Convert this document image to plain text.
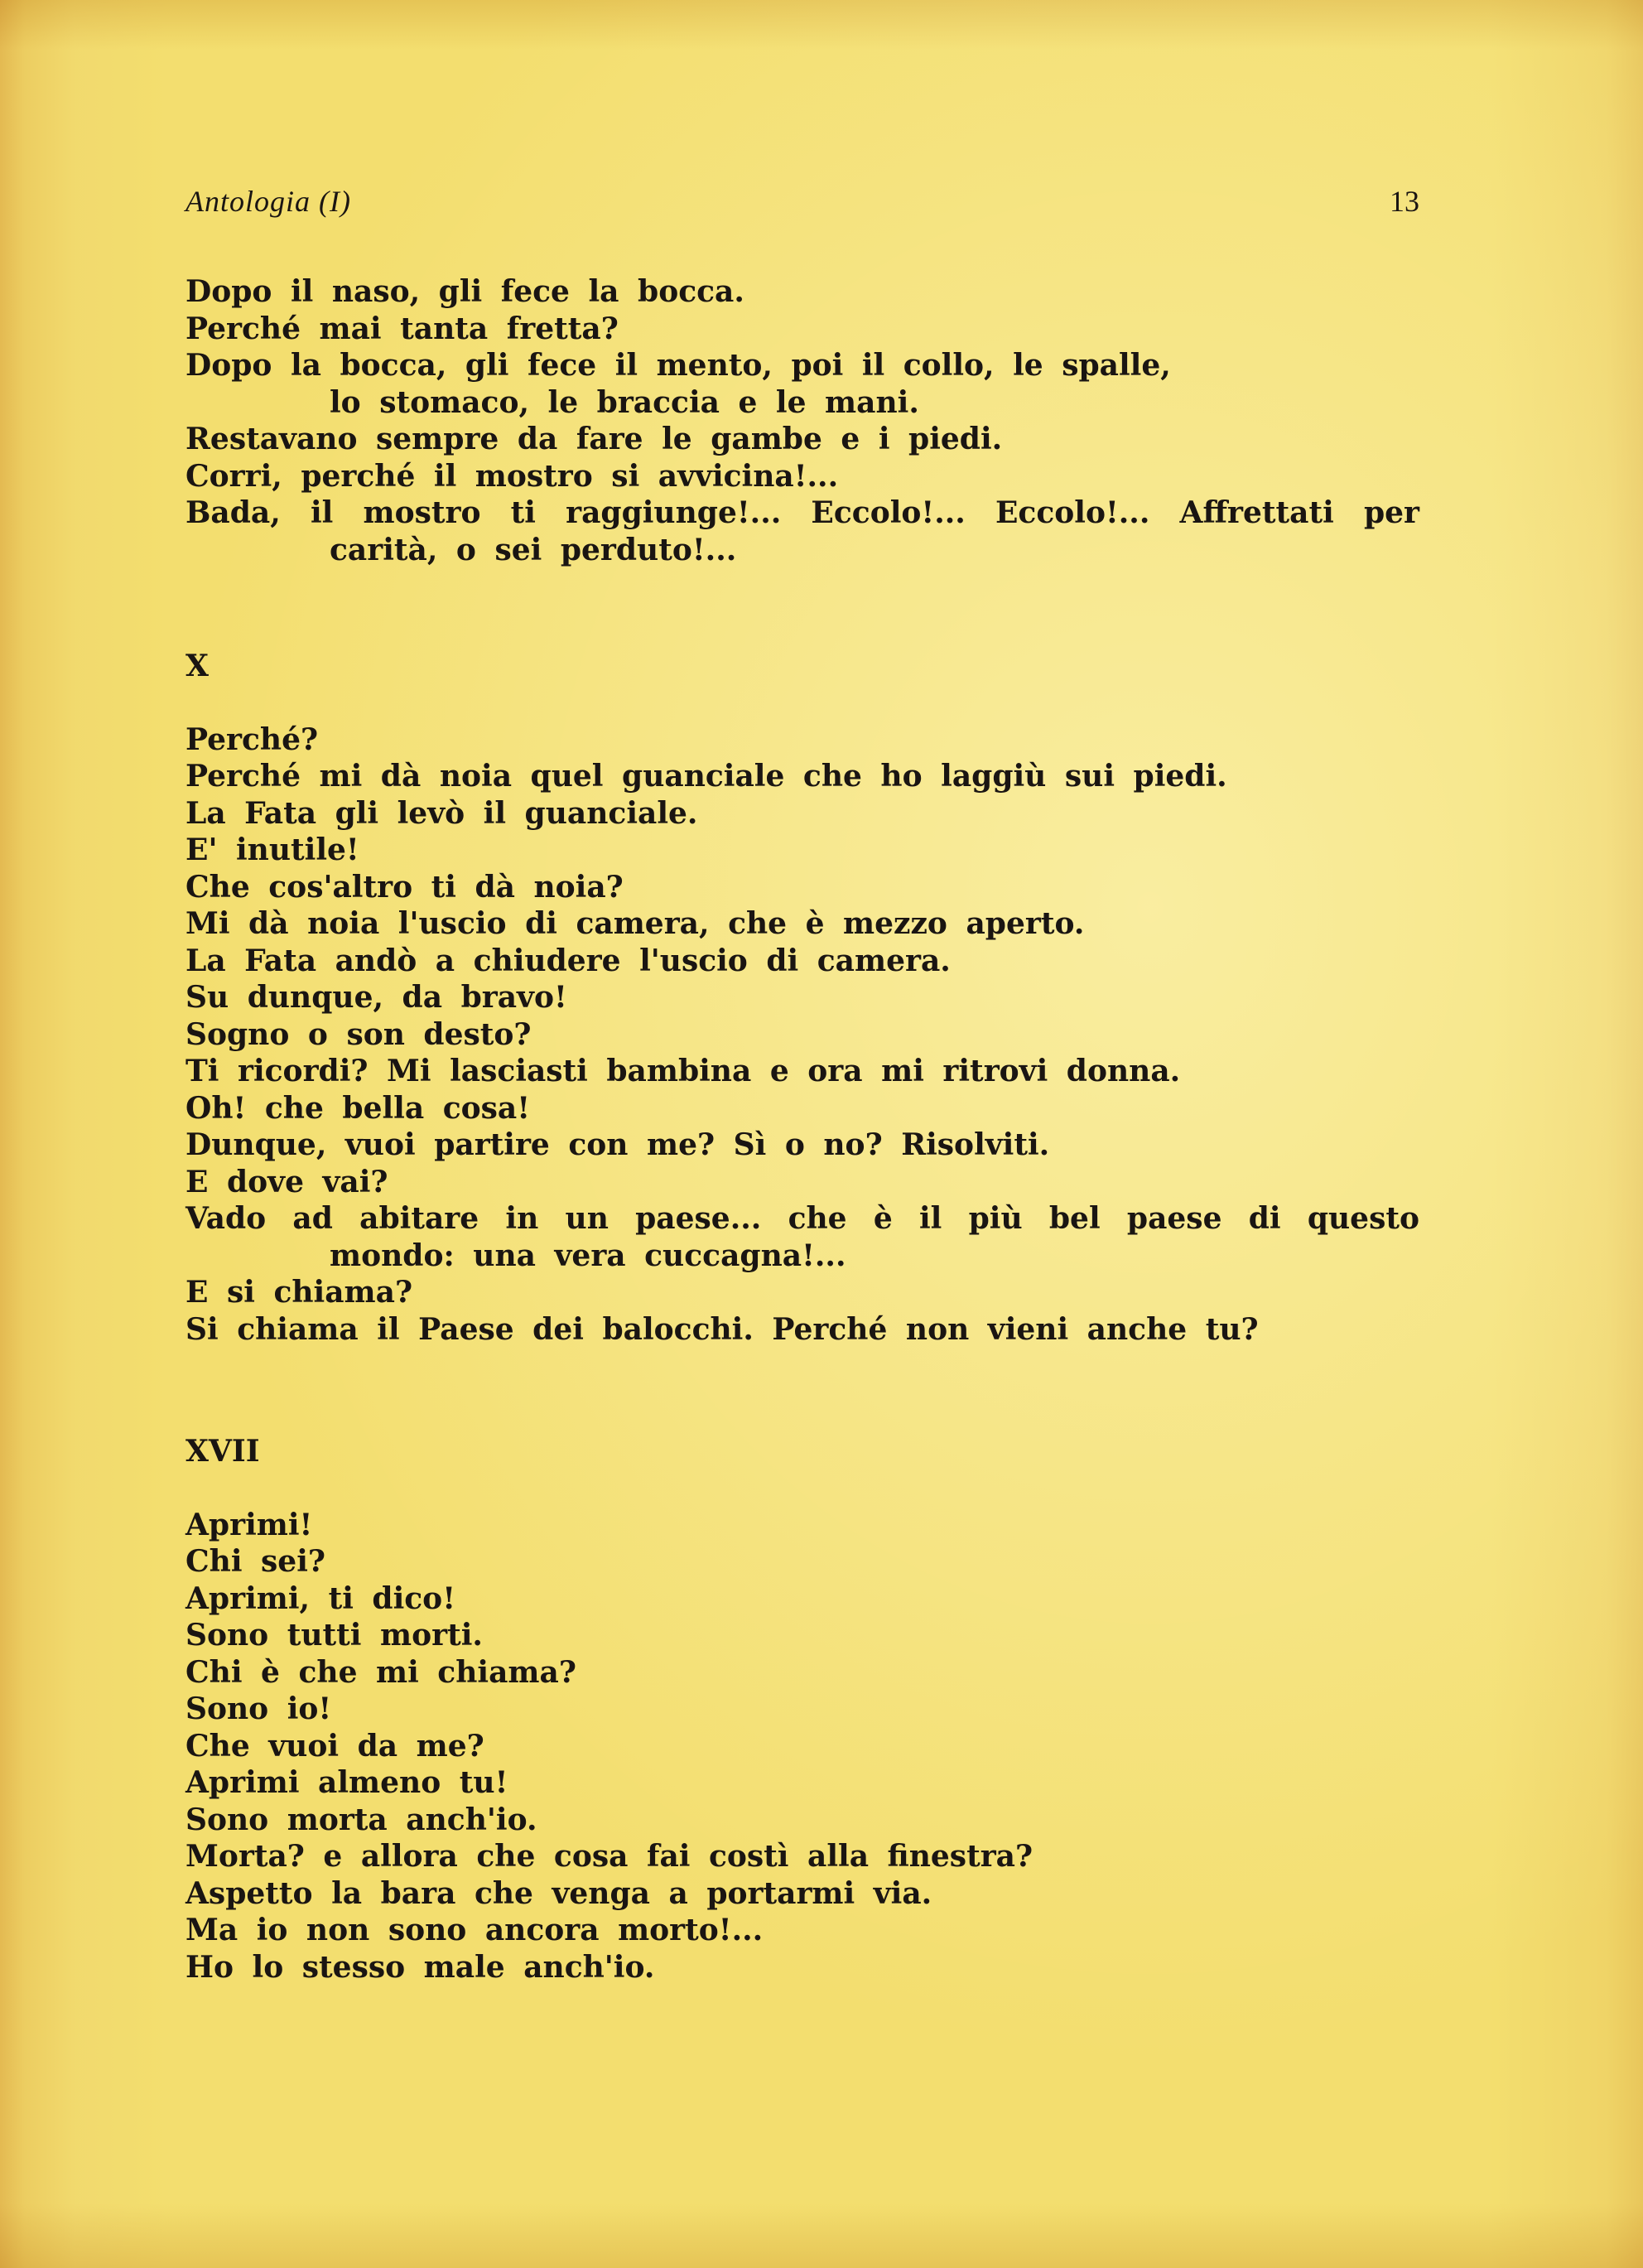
Antologia (I)	13
Dopo il naso, gli fece la bocca.
Perché mai tanta fretta?
Dopo la bocca, gli fece il mento, poi il collo, le spalle,
lo stomaco, le braccia e le mani.
Restavano sempre da fare le gambe e i piedi.
Corri, perché il mostro si avvicina!...
Bada, il mostro ti raggiunge!... Eccolo!... Eccolo!... Affrettati per
carità, o sei perduto!...
X
Perché?
Perché mi dà noia quel guanciale che ho laggiù sui piedi.
La Fata gli levò il guanciale.
E' inutile!
Che cos'altro ti dà noia?
Mi dà noia l'uscio di camera, che è mezzo aperto.
La Fata andò a chiudere l'uscio di camera.
Su dunque, da bravo!
Sogno o son desto?
Ti ricordi? Mi lasciasti bambina e ora mi ritrovi donna.
Oh! che bella cosa!
Dunque, vuoi partire con me? Sì o no? Risolviti.
E dove vai?
Vado ad abitare in un paese... che è il più bel paese di questo
mondo: una vera cuccagna!...
E si chiama?
Si chiama il Paese dei balocchi. Perché non vieni anche tu?
XVII
Aprimi!
Chi sei?
Aprimi, ti dico!
Sono tutti morti.
Chi è che mi chiama?
Sono io!
Che vuoi da me?
Aprimi almeno tu!
Sono morta anch'io.
Morta? e allora che cosa fai costì alla finestra?
Aspetto la bara che venga a portarmi via.
Ma io non sono ancora morto!...
Ho lo stesso male anch'io.
